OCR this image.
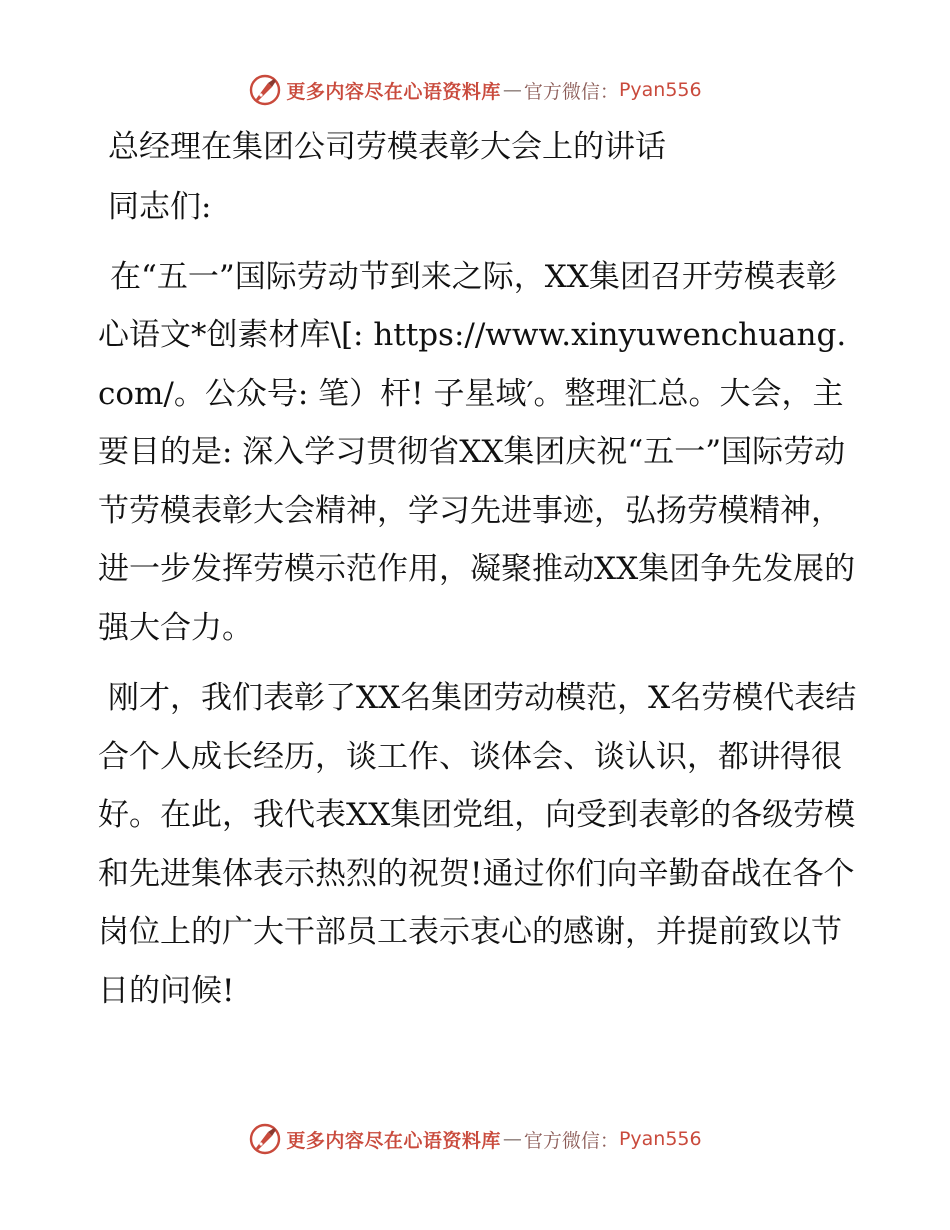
更多内容尽在心语资料库 — 官方微信： Pyan556
总经理在集团公司劳模表彰大会上的讲话
同志们:
在“五一”国际劳动节到来之际，XX集团召开劳模表彰心语文*创素材库\[: https://www.xinyuwenchuang.com/。公众号: 笔）杆! 子星域′。整理汇总。大会，主要目的是: 深入学习贯彻省XX集团庆祝“五一”国际劳动节劳模表彰大会精神，学习先进事迹，弘扬劳模精神，进一步发挥劳模示范作用，凝聚推动XX集团争先发展的强大合力。
刚才，我们表彰了XX名集团劳动模范，X名劳模代表结合个人成长经历，谈工作、谈体会、谈认识，都讲得很好。在此，我代表XX集团党组，向受到表彰的各级劳模和先进集体表示热烈的祝贺!通过你们向辛勤奋战在各个岗位上的广大干部员工表示衷心的感谢，并提前致以节日的问候!
更多内容尽在心语资料库 — 官方微信： Pyan556
